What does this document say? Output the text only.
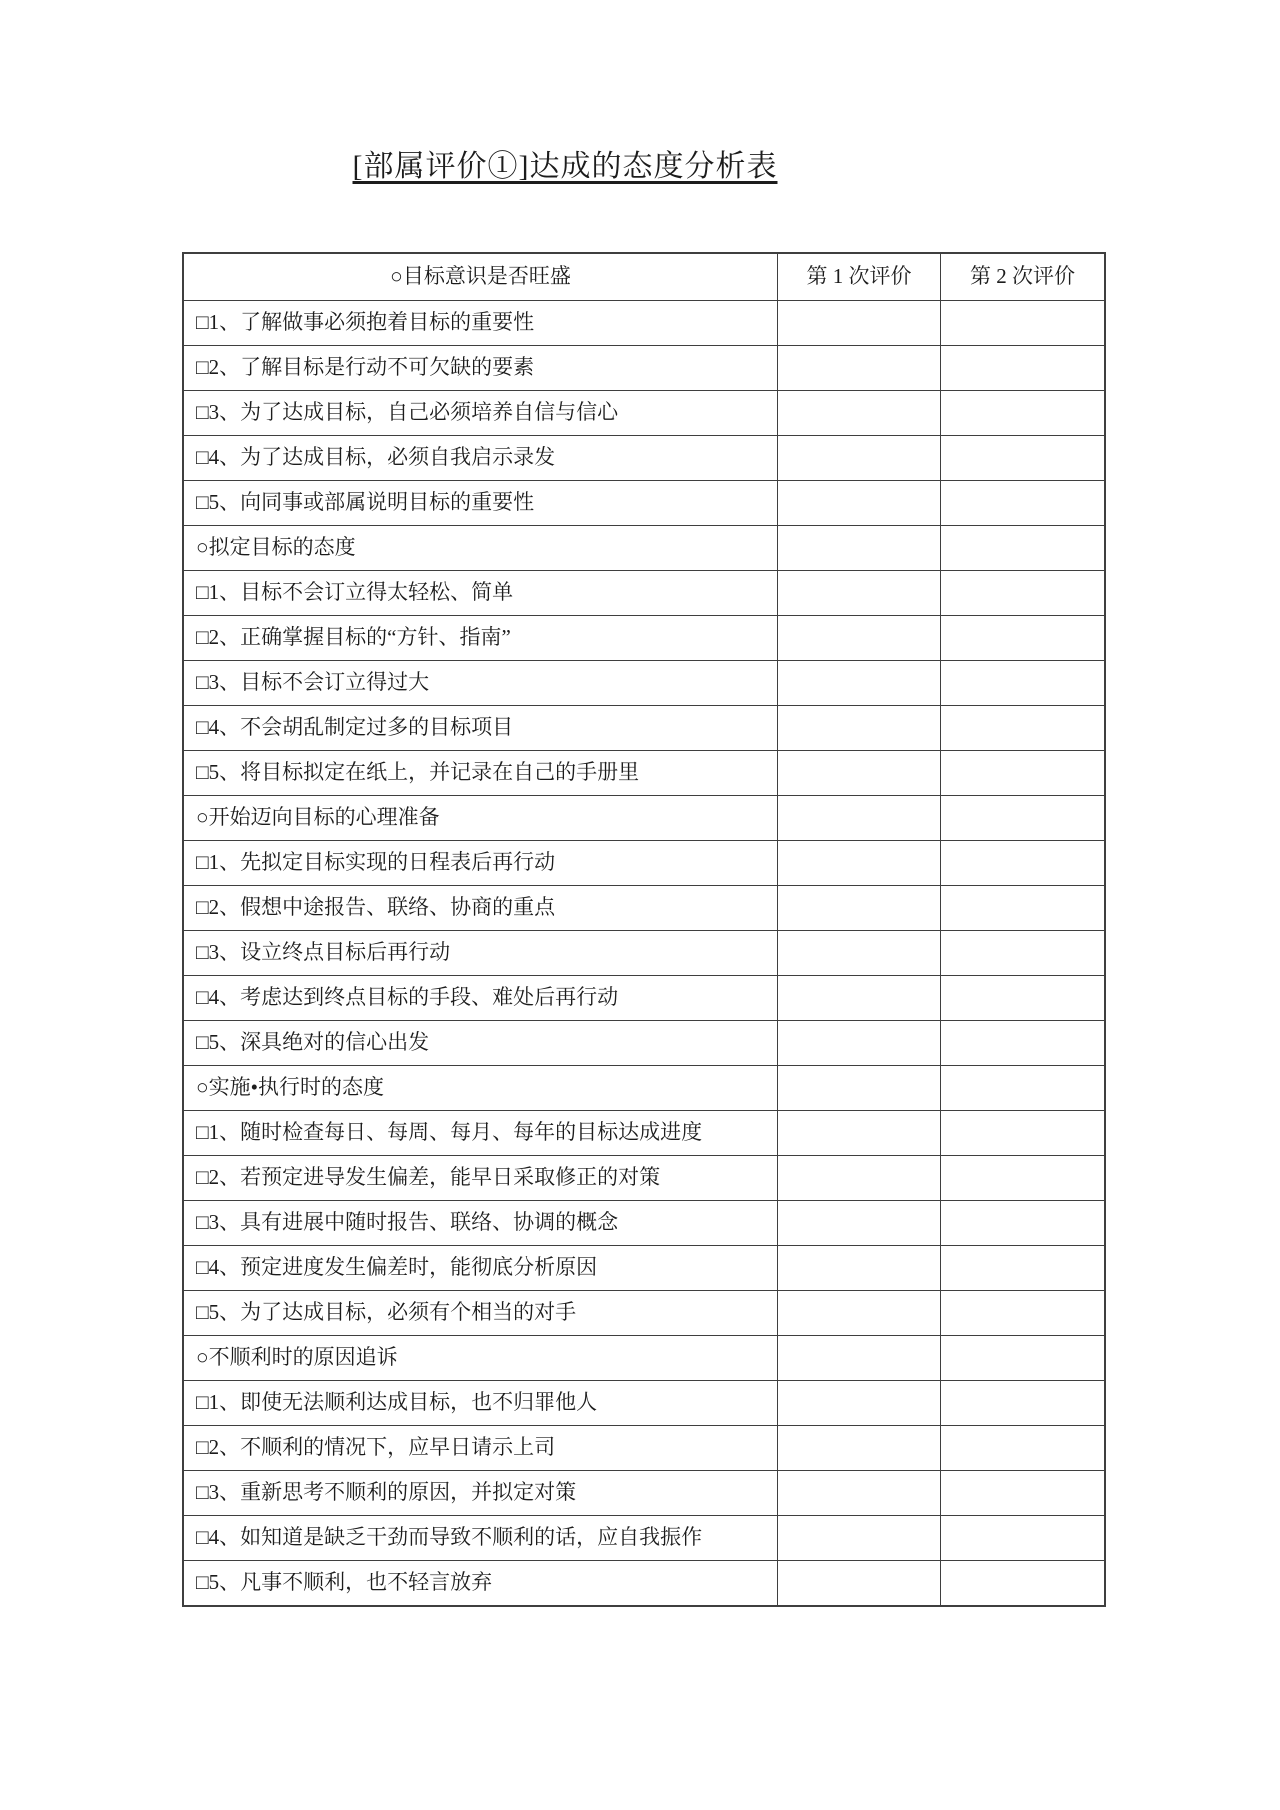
[部属评价①]达成的态度分析表
○目标意识是否旺盛	第 1 次评价	第 2 次评价
□1、了解做事必须抱着目标的重要性		
□2、了解目标是行动不可欠缺的要素		
□3、为了达成目标，自己必须培养自信与信心		
□4、为了达成目标，必须自我启示录发		
□5、向同事或部属说明目标的重要性		
○拟定目标的态度		
□1、目标不会订立得太轻松、简单		
□2、正确掌握目标的“方针、指南”		
□3、目标不会订立得过大		
□4、不会胡乱制定过多的目标项目		
□5、将目标拟定在纸上，并记录在自己的手册里		
○开始迈向目标的心理准备		
□1、先拟定目标实现的日程表后再行动		
□2、假想中途报告、联络、协商的重点		
□3、设立终点目标后再行动		
□4、考虑达到终点目标的手段、难处后再行动		
□5、深具绝对的信心出发		
○实施•执行时的态度		
□1、随时检查每日、每周、每月、每年的目标达成进度		
□2、若预定进导发生偏差，能早日采取修正的对策		
□3、具有进展中随时报告、联络、协调的概念		
□4、预定进度发生偏差时，能彻底分析原因		
□5、为了达成目标，必须有个相当的对手		
○不顺利时的原因追诉		
□1、即使无法顺利达成目标，也不归罪他人		
□2、不顺利的情况下，应早日请示上司		
□3、重新思考不顺利的原因，并拟定对策		
□4、如知道是缺乏干劲而导致不顺利的话，应自我振作		
□5、凡事不顺利，也不轻言放弃		
